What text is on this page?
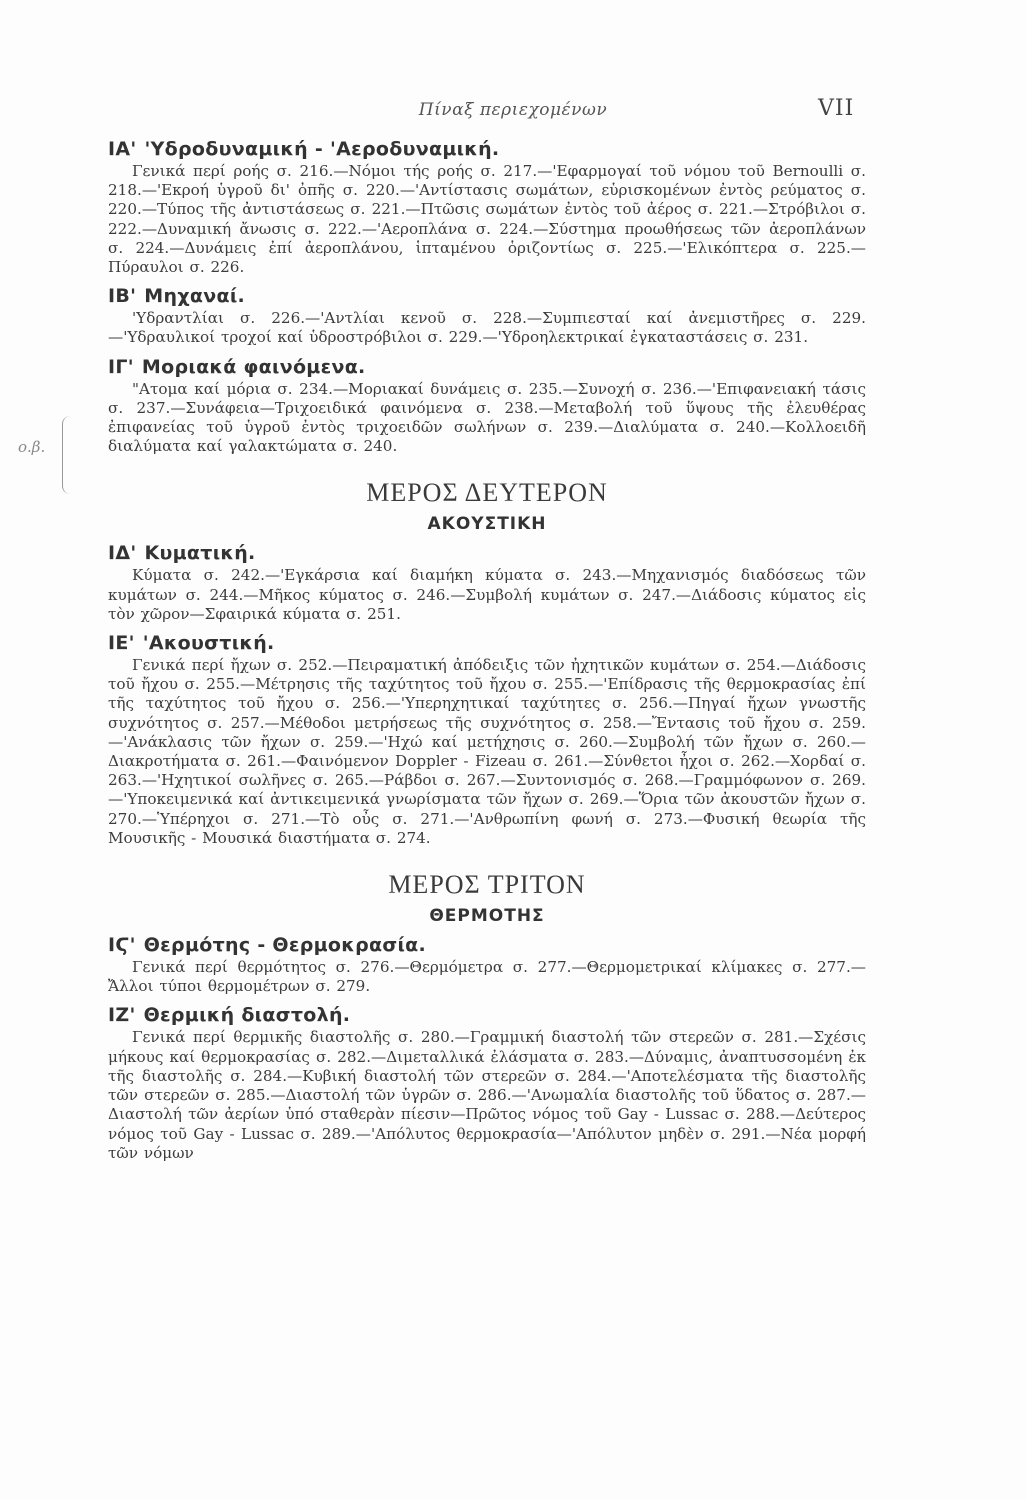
Πίναξ περιεχομένων	VII
ο.β.
ΙΑ' 'Υδροδυναμική - 'Αεροδυναμική.

Γενικά περί ροής σ. 216.—Νόμοι τής ροής σ. 217.—'Εφαρμογαί τοῦ νόμου τοῦ Bernoulli σ. 218.—'Εκροή ὑγροῦ δι' ὀπῆς σ. 220.—'Αντίστασις σωμάτων, εὑρισκομένων ἐντὸς ρεύματος σ. 220.—Τύπος τῆς ἀντιστάσεως σ. 221.—Πτῶσις σωμάτων ἐντὸς τοῦ ἀέρος σ. 221.—Στρόβιλοι σ. 222.—Δυναμική ἄνωσις σ. 222.—'Αεροπλάνα σ. 224.—Σύστημα προωθήσεως τῶν ἀεροπλάνων σ. 224.—Δυνάμεις ἐπί ἀεροπλάνου, ἱπταμένου ὁριζοντίως σ. 225.—'Ελικόπτερα σ. 225.—Πύραυλοι σ. 226.

ΙΒ' Μηχαναί.

'Υδραντλίαι σ. 226.—'Αντλίαι κενοῦ σ. 228.—Συμπιεσταί καί ἀνεμιστῆρες σ. 229.—'Υδραυλικοί τροχοί καί ὑδροστρόβιλοι σ. 229.—'Υδροηλεκτρικαί ἐγκαταστάσεις σ. 231.

ΙΓ' Μοριακά φαινόμενα.

"Ατομα καί μόρια σ. 234.—Μοριακαί δυνάμεις σ. 235.—Συνοχή σ. 236.—'Επιφανειακή τάσις σ. 237.—Συνάφεια—Τριχοειδικά φαινόμενα σ. 238.—Μεταβολή τοῦ ὕψους τῆς ἐλευθέρας ἐπιφανείας τοῦ ὑγροῦ ἐντὸς τριχοειδῶν σωλήνων σ. 239.—Διαλύματα σ. 240.—Κολλοειδῆ διαλύματα καί γαλακτώματα σ. 240.

ΜΕΡΟΣ ΔΕΥΤΕΡΟΝ
ΑΚΟΥΣΤΙΚΗ
ΙΔ' Κυματική.

Κύματα σ. 242.—'Εγκάρσια καί διαμήκη κύματα σ. 243.—Μηχανισμός διαδόσεως τῶν κυμάτων σ. 244.—Μῆκος κύματος σ. 246.—Συμβολή κυμάτων σ. 247.—Διάδοσις κύματος εἰς τὸν χῶρον—Σφαιρικά κύματα σ. 251.

ΙΕ' 'Ακουστική.

Γενικά περί ἤχων σ. 252.—Πειραματική ἀπόδειξις τῶν ἠχητικῶν κυμάτων σ. 254.—Διάδοσις τοῦ ἤχου σ. 255.—Μέτρησις τῆς ταχύτητος τοῦ ἤχου σ. 255.—'Επίδρασις τῆς θερμοκρασίας ἐπί τῆς ταχύτητος τοῦ ἤχου σ. 256.—'Υπερηχητικαί ταχύτητες σ. 256.—Πηγαί ἤχων γνωστῆς συχνότητος σ. 257.—Μέθοδοι μετρήσεως τῆς συχνότητος σ. 258.—Ἔντασις τοῦ ἤχου σ. 259.—'Ανάκλασις τῶν ἤχων σ. 259.—'Ηχώ καί μετήχησις σ. 260.—Συμβολή τῶν ἤχων σ. 260.—Διακροτήματα σ. 261.—Φαινόμενον Doppler - Fizeau σ. 261.—Σύνθετοι ἦχοι σ. 262.—Χορδαί σ. 263.—'Ηχητικοί σωλῆνες σ. 265.—Ράβδοι σ. 267.—Συντονισμός σ. 268.—Γραμμόφωνον σ. 269.—'Υποκειμενικά καί ἀντικειμενικά γνωρίσματα τῶν ἤχων σ. 269.—Ὅρια τῶν ἀκουστῶν ἤχων σ. 270.—Ὑπέρηχοι σ. 271.—Τὸ οὖς σ. 271.—'Ανθρωπίνη φωνή σ. 273.—Φυσική θεωρία τῆς Μουσικῆς - Μουσικά διαστήματα σ. 274.

ΜΕΡΟΣ ΤΡΙΤΟΝ
ΘΕΡΜΟΤΗΣ
ΙϚ' Θερμότης - Θερμοκρασία.

Γενικά περί θερμότητος σ. 276.—Θερμόμετρα σ. 277.—Θερμομετρικαί κλίμακες σ. 277.—Ἄλλοι τύποι θερμομέτρων σ. 279.

ΙΖ' Θερμική διαστολή.

Γενικά περί θερμικῆς διαστολῆς σ. 280.—Γραμμική διαστολή τῶν στερεῶν σ. 281.—Σχέσις μήκους καί θερμοκρασίας σ. 282.—Διμεταλλικά ἐλάσματα σ. 283.—Δύναμις, ἀναπτυσσομένη ἐκ τῆς διαστολῆς σ. 284.—Κυβική διαστολή τῶν στερεῶν σ. 284.—'Αποτελέσματα τῆς διαστολῆς τῶν στερεῶν σ. 285.—Διαστολή τῶν ὑγρῶν σ. 286.—'Ανωμαλία διαστολῆς τοῦ ὕδατος σ. 287.—Διαστολή τῶν ἀερίων ὑπό σταθερὰν πίεσιν—Πρῶτος νόμος τοῦ Gay - Lussac σ. 288.—Δεύτερος νόμος τοῦ Gay - Lussac σ. 289.—'Απόλυτος θερμοκρασία—'Απόλυτον μηδὲν σ. 291.—Νέα μορφή τῶν νόμων
